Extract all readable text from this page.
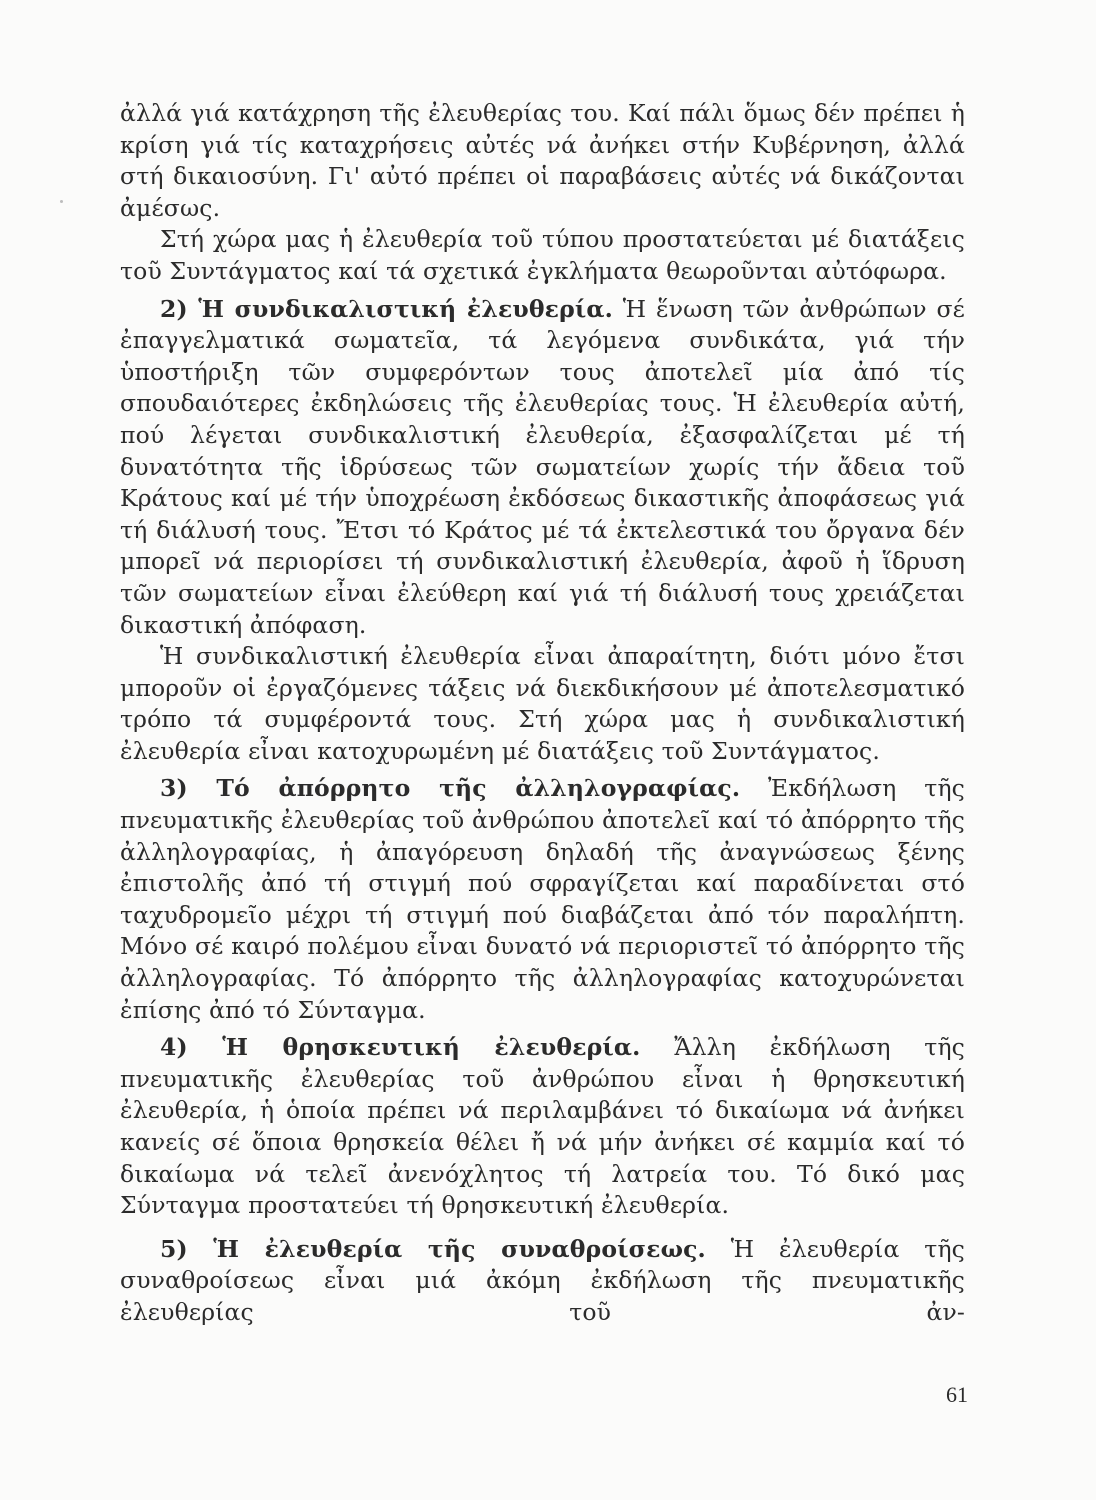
ἀλλά γιά κατάχρηση τῆς ἐλευθερίας του. Καί πάλι ὅμως δέν πρέπει ἡ κρίση γιά τίς καταχρήσεις αὐτές νά ἀνήκει στήν Κυβέρνηση, ἀλλά στή δικαιοσύνη. Γι' αὐτό πρέπει οἱ παραβάσεις αὐτές νά δικάζονται ἀμέσως.

Στή χώρα μας ἡ ἐλευθερία τοῦ τύπου προστατεύεται μέ διατάξεις τοῦ Συντάγματος καί τά σχετικά ἐγκλήματα θεωροῦνται αὐτόφωρα.

2) Ἡ συνδικαλιστική ἐλευθερία. Ἡ ἕνωση τῶν ἀνθρώπων σέ ἐπαγγελματικά σωματεῖα, τά λεγόμενα συνδικάτα, γιά τήν ὑποστήριξη τῶν συμφερόντων τους ἀποτελεῖ μία ἀπό τίς σπουδαιότερες ἐκδηλώσεις τῆς ἐλευθερίας τους. Ἡ ἐλευθερία αὐτή, πού λέγεται συνδικαλιστική ἐλευθερία, ἐξασφαλίζεται μέ τή δυνατότητα τῆς ἱδρύσεως τῶν σωματείων χωρίς τήν ἄδεια τοῦ Κράτους καί μέ τήν ὑποχρέωση ἐκδόσεως δικαστικῆς ἀποφάσεως γιά τή διάλυσή τους. Ἔτσι τό Κράτος μέ τά ἐκτελεστικά του ὄργανα δέν μπορεῖ νά περιορίσει τή συνδικαλιστική ἐλευθερία, ἀφοῦ ἡ ἵδρυση τῶν σωματείων εἶναι ἐλεύθερη καί γιά τή διάλυσή τους χρειάζεται δικαστική ἀπόφαση.

Ἡ συνδικαλιστική ἐλευθερία εἶναι ἀπαραίτητη, διότι μόνο ἔτσι μποροῦν οἱ ἐργαζόμενες τάξεις νά διεκδικήσουν μέ ἀποτελεσματικό τρόπο τά συμφέροντά τους. Στή χώρα μας ἡ συνδικαλιστική ἐλευθερία εἶναι κατοχυρωμένη μέ διατάξεις τοῦ Συντάγματος.

3) Τό ἀπόρρητο τῆς ἀλληλογραφίας. Ἐκδήλωση τῆς πνευματικῆς ἐλευθερίας τοῦ ἀνθρώπου ἀποτελεῖ καί τό ἀπόρρητο τῆς ἀλληλογραφίας, ἡ ἀπαγόρευση δηλαδή τῆς ἀναγνώσεως ξένης ἐπιστολῆς ἀπό τή στιγμή πού σφραγίζεται καί παραδίνεται στό ταχυδρομεῖο μέχρι τή στιγμή πού διαβάζεται ἀπό τόν παραλήπτη. Μόνο σέ καιρό πολέμου εἶναι δυνατό νά περιοριστεῖ τό ἀπόρρητο τῆς ἀλληλογραφίας. Τό ἀπόρρητο τῆς ἀλληλογραφίας κατοχυρώνεται ἐπίσης ἀπό τό Σύνταγμα.

4) Ἡ θρησκευτική ἐλευθερία. Ἄλλη ἐκδήλωση τῆς πνευματικῆς ἐλευθερίας τοῦ ἀνθρώπου εἶναι ἡ θρησκευτική ἐλευθερία, ἡ ὁποία πρέπει νά περιλαμβάνει τό δικαίωμα νά ἀνήκει κανείς σέ ὅποια θρησκεία θέλει ἤ νά μήν ἀνήκει σέ καμμία καί τό δικαίωμα νά τελεῖ ἀνενόχλητος τή λατρεία του. Τό δικό μας Σύνταγμα προστατεύει τή θρησκευτική ἐλευθερία.

5) Ἡ ἐλευθερία τῆς συναθροίσεως. Ἡ ἐλευθερία τῆς συναθροίσεως εἶναι μιά ἀκόμη ἐκδήλωση τῆς πνευματικῆς ἐλευθερίας τοῦ ἀν-

61
